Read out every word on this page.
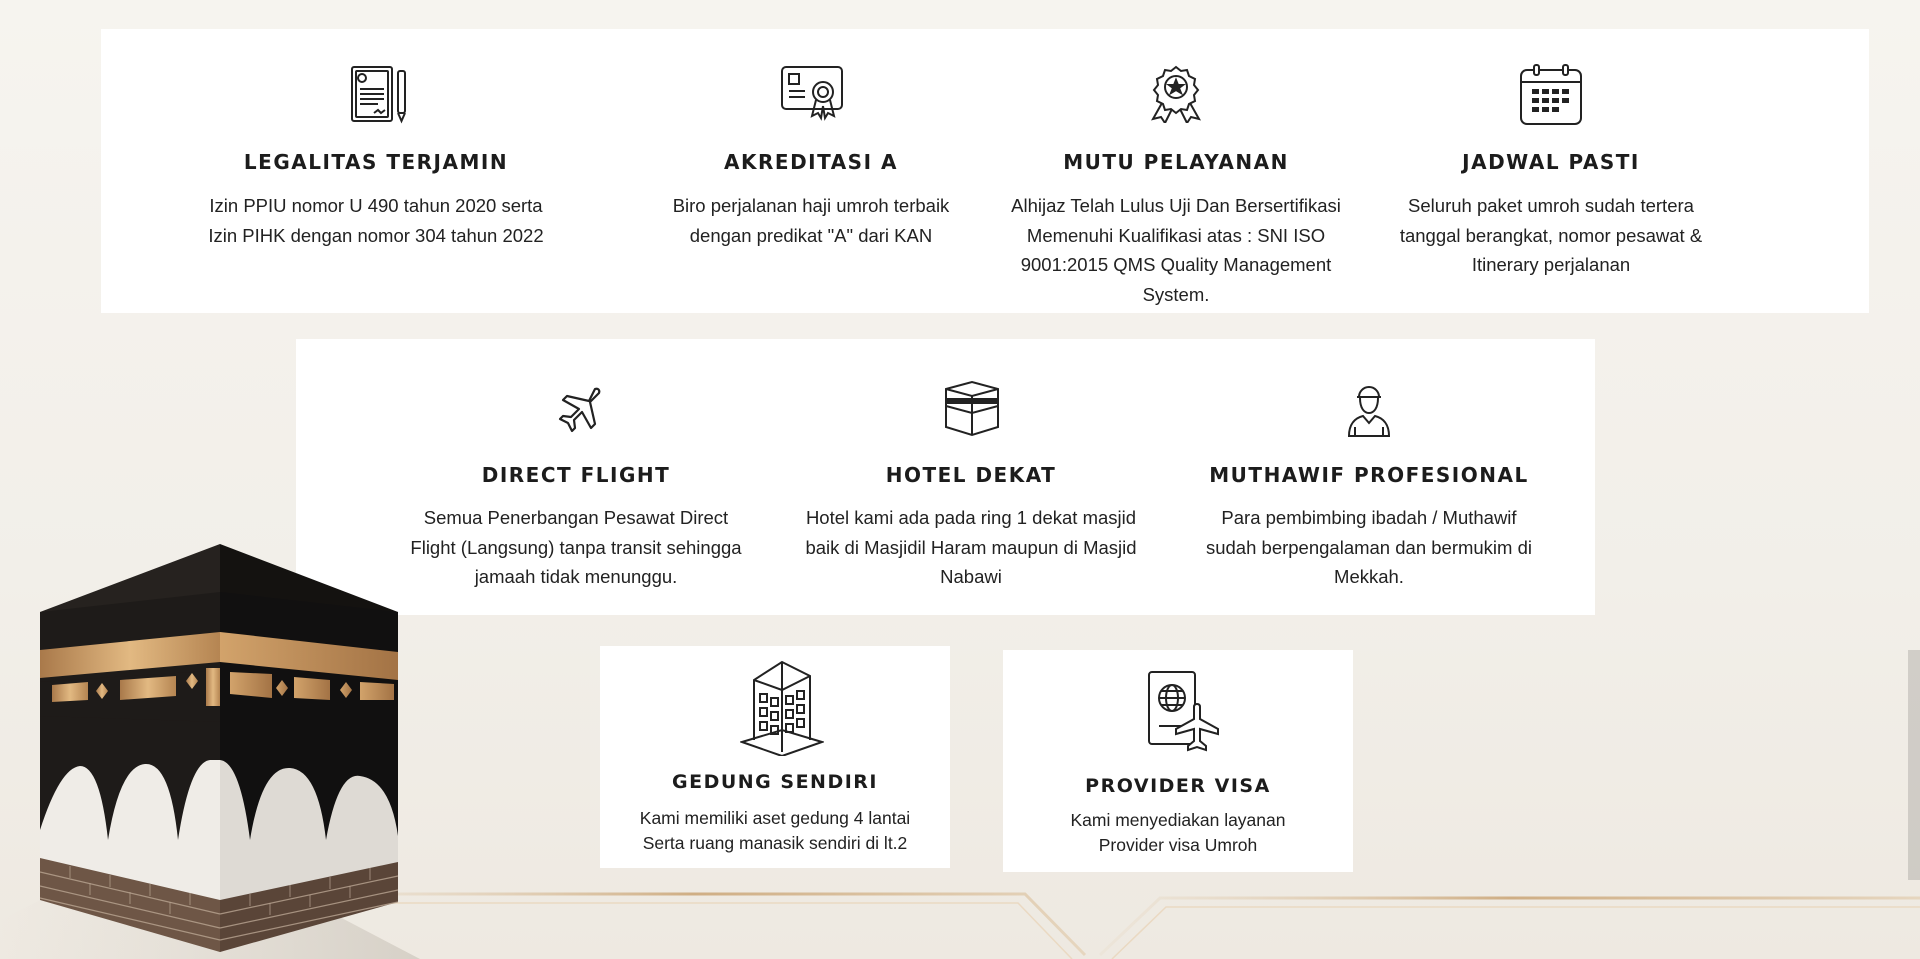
LEGALITAS TERJAMIN
Izin PPIU nomor U 490 tahun 2020 serta
Izin PIHK dengan nomor 304 tahun 2022
AKREDITASI A
Biro perjalanan haji umroh terbaik
dengan predikat "A" dari KAN
MUTU PELAYANAN
Alhijaz Telah Lulus Uji Dan Bersertifikasi
Memenuhi Kualifikasi atas : SNI ISO
9001:2015 QMS Quality Management
System.
JADWAL PASTI
Seluruh paket umroh sudah tertera
tanggal berangkat, nomor pesawat &
Itinerary perjalanan
DIRECT FLIGHT
Semua Penerbangan Pesawat Direct
Flight (Langsung) tanpa transit sehingga
jamaah tidak menunggu.
HOTEL DEKAT
Hotel kami ada pada ring 1 dekat masjid
baik di Masjidil Haram maupun di Masjid
Nabawi
MUTHAWIF PROFESIONAL
Para pembimbing ibadah / Muthawif
sudah berpengalaman dan bermukim di
Mekkah.
GEDUNG SENDIRI
Kami memiliki aset gedung 4 lantai
Serta ruang manasik sendiri di lt.2
PROVIDER VISA
Kami menyediakan layanan
Provider visa Umroh
